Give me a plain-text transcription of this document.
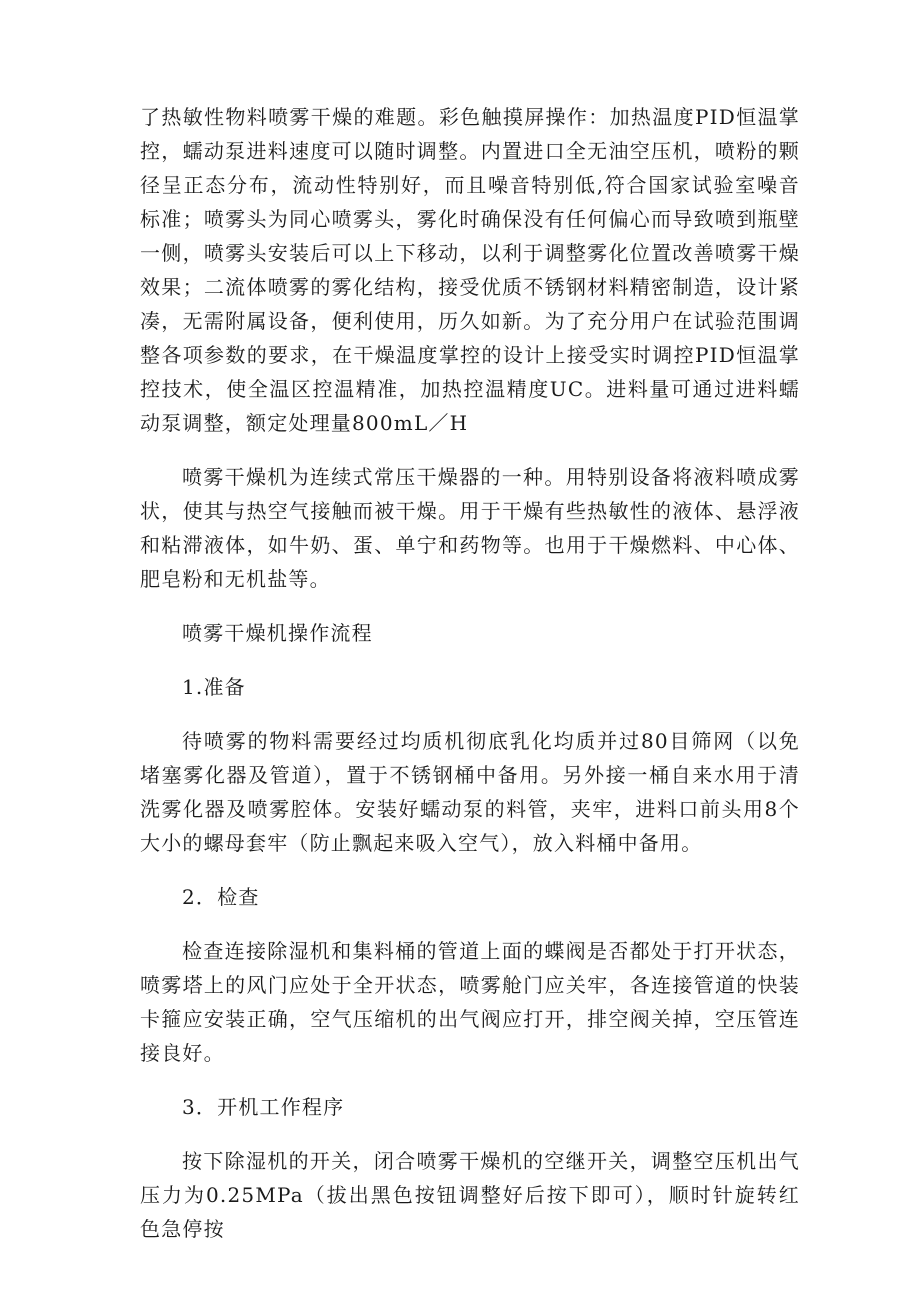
了热敏性物料喷雾干燥的难题。彩色触摸屏操作：加热温度PID恒温掌控，蠕动泵进料速度可以随时调整。内置进口全无油空压机，喷粉的颗径呈正态分布，流动性特别好，而且噪音特别低,符合国家试验室噪音标准；喷雾头为同心喷雾头，雾化时确保没有任何偏心而导致喷到瓶壁一侧，喷雾头安装后可以上下移动，以利于调整雾化位置改善喷雾干燥效果；二流体喷雾的雾化结构，接受优质不锈钢材料精密制造，设计紧凑，无需附属设备，便利使用，历久如新。为了充分用户在试验范围调整各项参数的要求，在干燥温度掌控的设计上接受实时调控PID恒温掌控技术，使全温区控温精准，加热控温精度UC。进料量可通过进料蠕动泵调整，额定处理量800mL／H

喷雾干燥机为连续式常压干燥器的一种。用特别设备将液料喷成雾状，使其与热空气接触而被干燥。用于干燥有些热敏性的液体、悬浮液和粘滞液体，如牛奶、蛋、单宁和药物等。也用于干燥燃料、中心体、肥皂粉和无机盐等。

喷雾干燥机操作流程

1.准备

待喷雾的物料需要经过均质机彻底乳化均质并过80目筛网（以免堵塞雾化器及管道），置于不锈钢桶中备用。另外接一桶自来水用于清洗雾化器及喷雾腔体。安装好蠕动泵的料管，夹牢，进料口前头用8个大小的螺母套牢（防止飘起来吸入空气），放入料桶中备用。

2．检查

检查连接除湿机和集料桶的管道上面的蝶阀是否都处于打开状态，喷雾塔上的风门应处于全开状态，喷雾舱门应关牢，各连接管道的快装卡箍应安装正确，空气压缩机的出气阀应打开，排空阀关掉，空压管连接良好。

3．开机工作程序

按下除湿机的开关，闭合喷雾干燥机的空继开关，调整空压机出气压力为0.25MPa（拔出黑色按钮调整好后按下即可），顺时针旋转红色急停按
